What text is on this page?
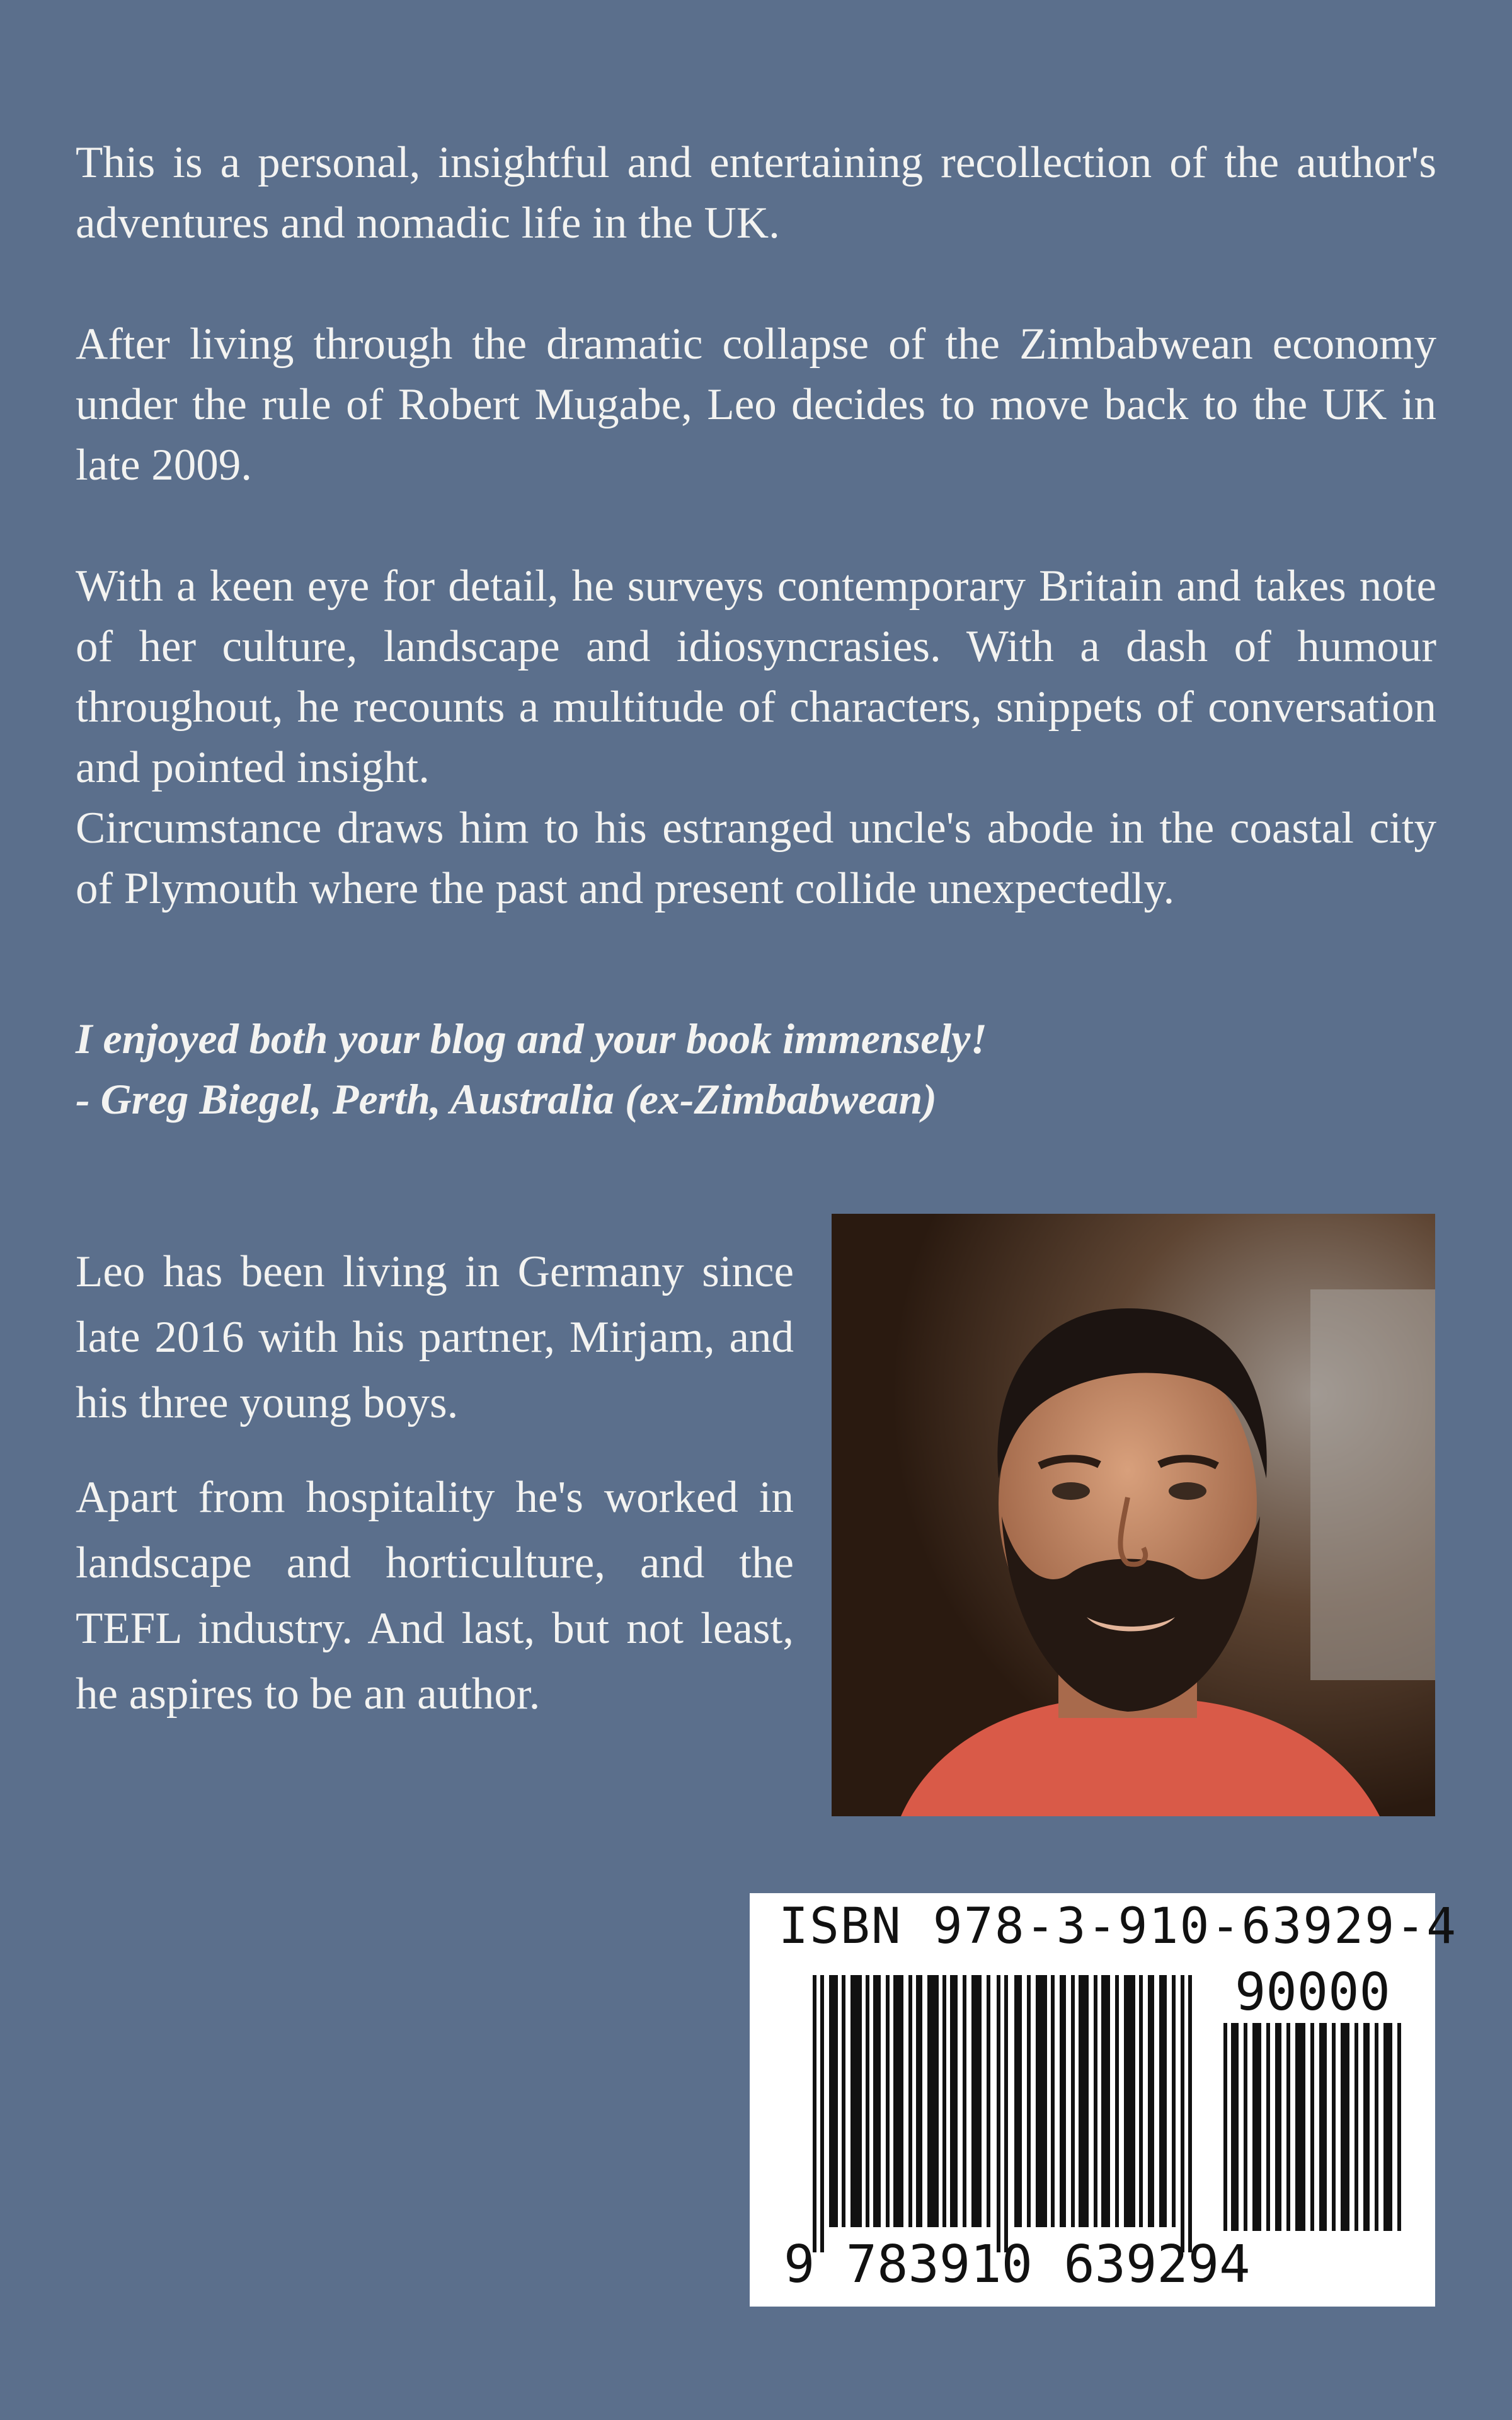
This is a personal, insightful and entertaining recollection of the author's adventures and nomadic life in the UK.

After living through the dramatic collapse of the Zimbabwean economy under the rule of Robert Mugabe, Leo decides to move back to the UK in late 2009.

With a keen eye for detail, he surveys contemporary Britain and takes note of her culture, landscape and idiosyncrasies. With a dash of humour throughout, he recounts a multitude of characters, snippets of conversation and pointed insight.

Circumstance draws him to his estranged uncle's abode in the coastal city of Plymouth where the past and present collide unexpectedly.

I enjoyed both your blog and your book immensely!
- Greg Biegel, Perth, Australia (ex-Zimbabwean)

Leo has been living in Germany since late 2016 with his partner, Mirjam, and his three young boys.

Apart from hospitality he's worked in landscape and horticulture, and the TEFL industry. And last, but not least, he aspires to be an author.

ISBN 978-3-910-63929-4
90000
9 783910 639294
